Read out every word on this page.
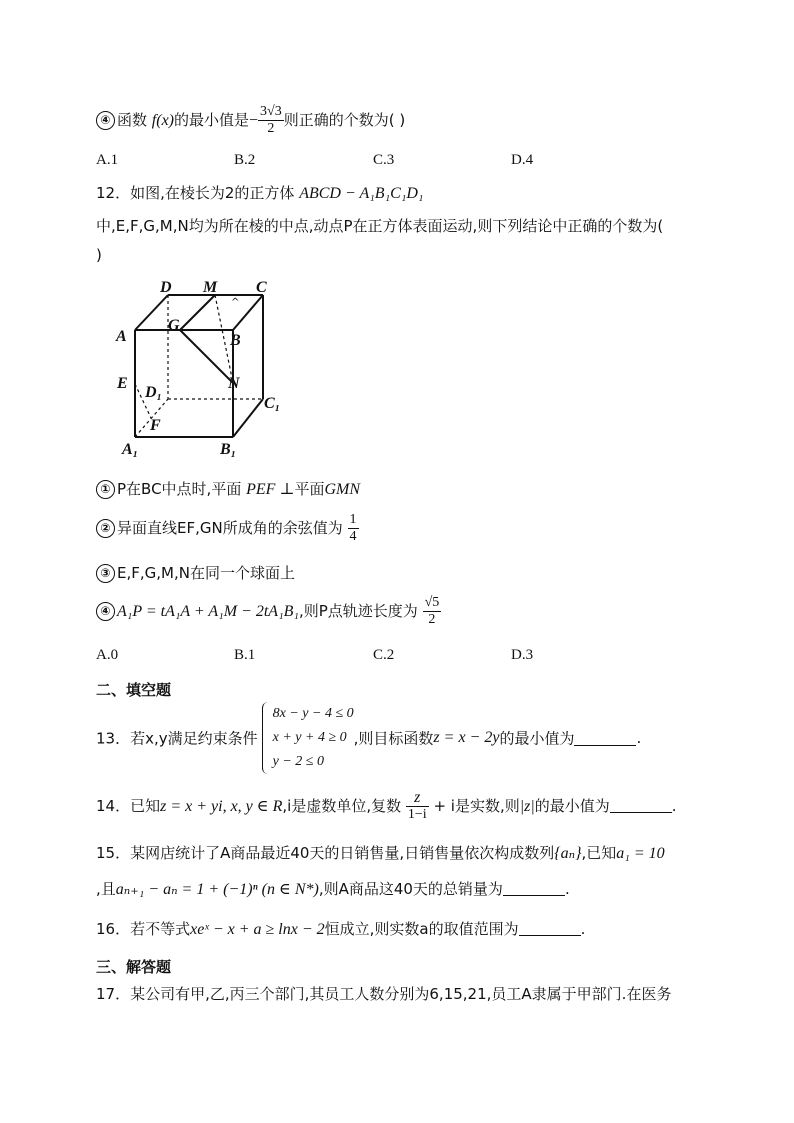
④ 函数 f(x)的最小值是− $\frac{3√3}{2}$ 则正确的个数为( )
A.1	B.2	C.3	D.4
12．如图,在棱长为2的正方体 ABCD − A₁B₁C₁D₁
中,E,F,G,M,N均为所在棱的中点,动点P在正方体表面运动,则下列结论中正确的个数为(
)
D M C
A
G
B
E
D₁
N
C₁
F
A₁	B₁
^
① P在BC中点时,平面 PEF ⊥平面GMN
② 异面直线EF,GN所成角的余弦值为 $\frac{1}{4}$
③ E,F,G,M,N在同一个球面上
④ A₁P = tA₁A + A₁M − 2tA₁B₁,则P点轨迹长度为 $\frac{√5}{2}$
A.0	B.1	C.2	D.3
二、填空题
13．若x,y满足约束条件
8x − y − 4 ≤ 0
x + y + 4 ≥ 0
y − 2 ≤ 0
,则目标函数z = x − 2y的最小值为	.
14．已知z = x + yi, x, y ∈ R,i是虚数单位,复数 $\frac{z}{1-i} + i$是实数,则|z|的最小值为	.
15．某网店统计了A商品最近40天的日销售量,日销售量依次构成数列{aₙ},已知a₁ = 10
,且aₙ₊₁ − aₙ = 1 + (−1)ⁿ (n ∈ N*),则A商品这40天的总销量为	.
16．若不等式xeˣ − x + a ≥ lnx − 2恒成立,则实数a的取值范围为	.
三、解答题
17．某公司有甲,乙,丙三个部门,其员工人数分别为6,15,21,员工A隶属于甲部门.在医务
